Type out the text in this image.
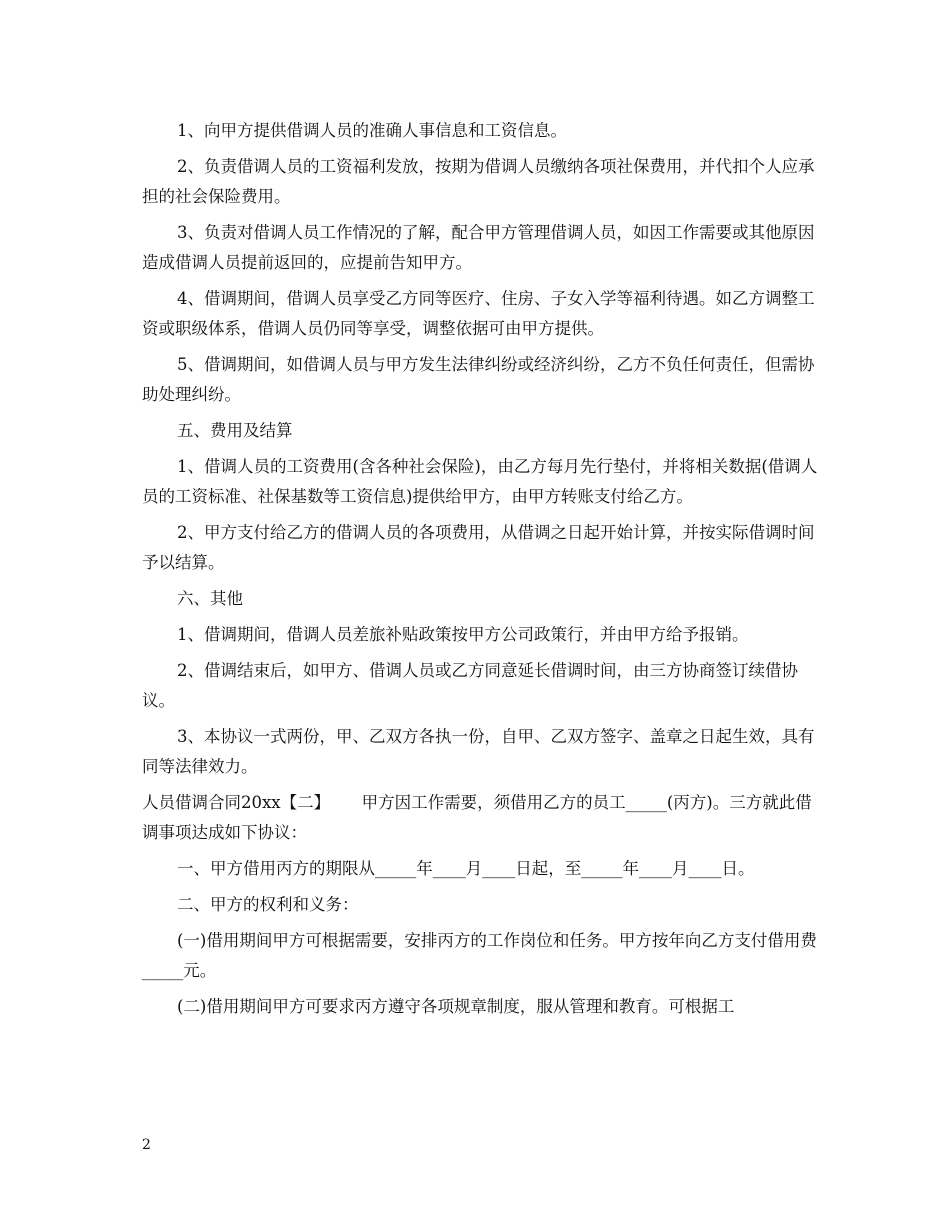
1、向甲方提供借调人员的准确人事信息和工资信息。

2、负责借调人员的工资福利发放，按期为借调人员缴纳各项社保费用，并代扣个人应承担的社会保险费用。

3、负责对借调人员工作情况的了解，配合甲方管理借调人员，如因工作需要或其他原因造成借调人员提前返回的，应提前告知甲方。

4、借调期间，借调人员享受乙方同等医疗、住房、子女入学等福利待遇。如乙方调整工资或职级体系，借调人员仍同等享受，调整依据可由甲方提供。

5、借调期间，如借调人员与甲方发生法律纠纷或经济纠纷，乙方不负任何责任，但需协助处理纠纷。

五、费用及结算

1、借调人员的工资费用(含各种社会保险)，由乙方每月先行垫付，并将相关数据(借调人员的工资标准、社保基数等工资信息)提供给甲方，由甲方转账支付给乙方。

2、甲方支付给乙方的借调人员的各项费用，从借调之日起开始计算，并按实际借调时间予以结算。

六、其他

1、借调期间，借调人员差旅补贴政策按甲方公司政策行，并由甲方给予报销。

2、借调结束后，如甲方、借调人员或乙方同意延长借调时间，由三方协商签订续借协议。

3、本协议一式两份，甲、乙双方各执一份，自甲、乙双方签字、盖章之日起生效，具有同等法律效力。

人员借调合同20xx【二】      甲方因工作需要，须借用乙方的员工_____(丙方)。三方就此借调事项达成如下协议：

一、甲方借用丙方的期限从_____年____月____日起，至_____年____月____日。

二、甲方的权利和义务：

(一)借用期间甲方可根据需要，安排丙方的工作岗位和任务。甲方按年向乙方支付借用费_____元。

(二)借用期间甲方可要求丙方遵守各项规章制度，服从管理和教育。可根据工

2
